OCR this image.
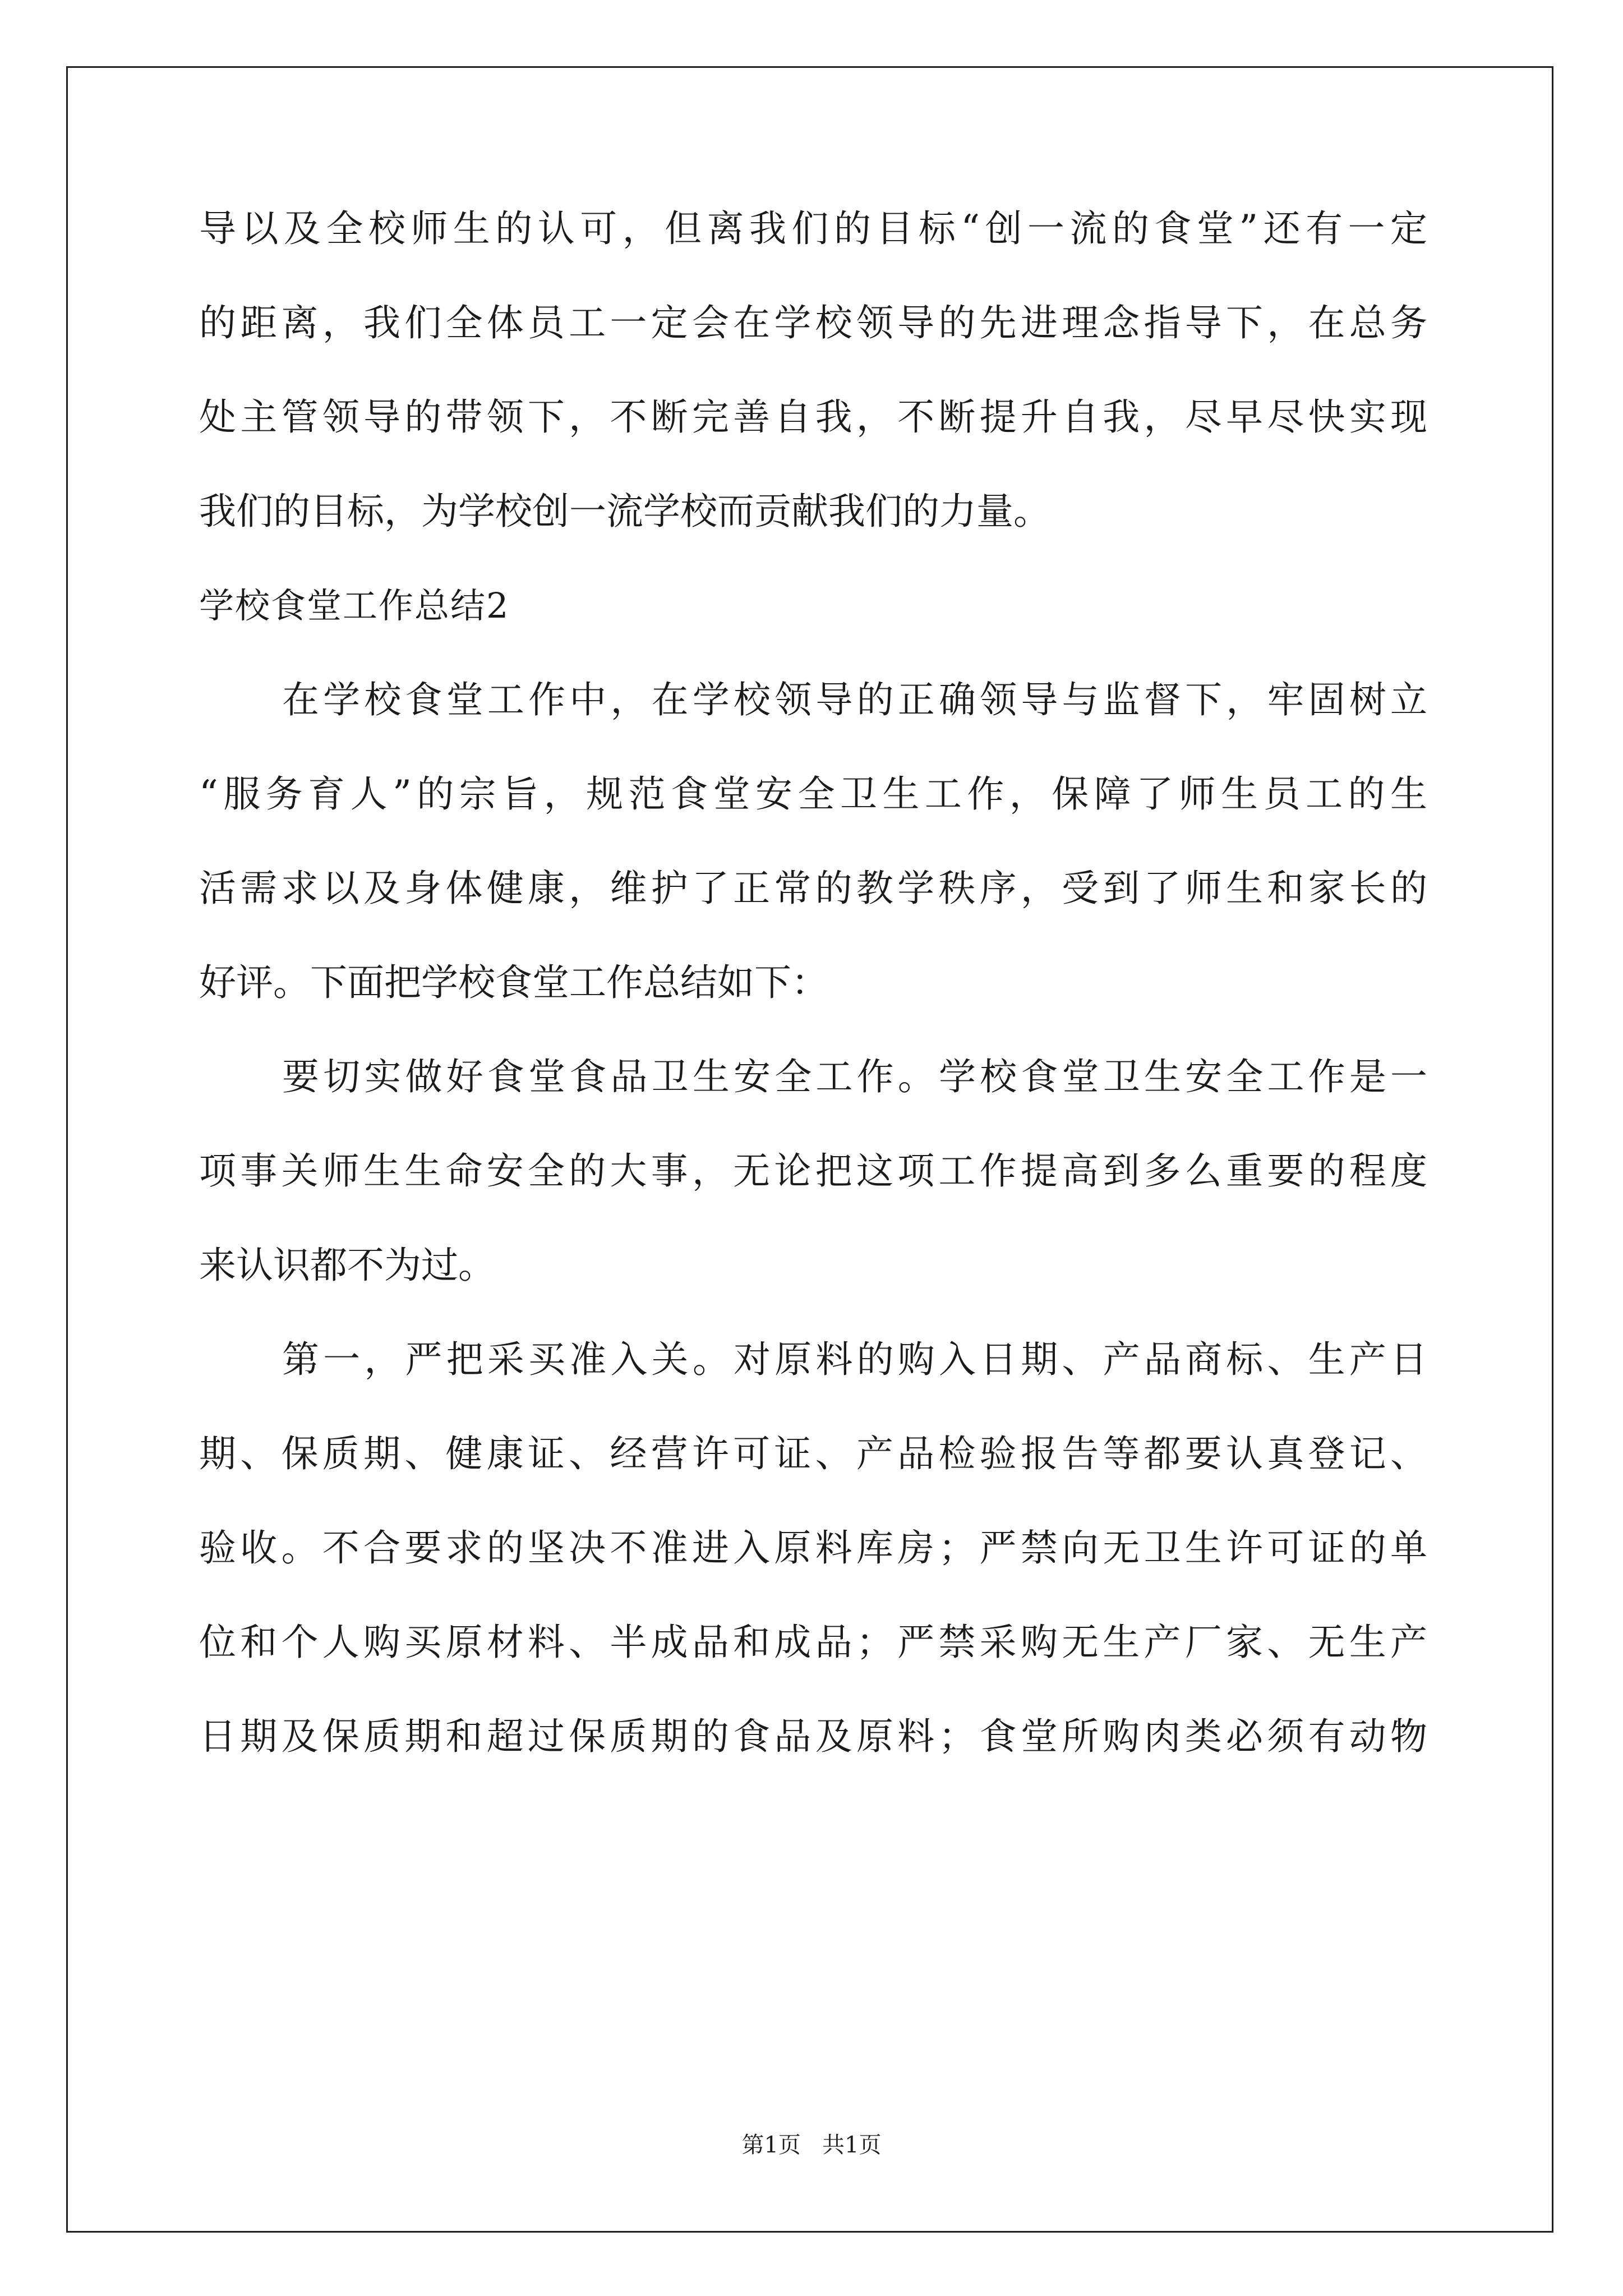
导以及全校师生的认可，但离我们的目标“创一流的食堂”还有一定
的距离，我们全体员工一定会在学校领导的先进理念指导下，在总务
处主管领导的带领下，不断完善自我，不断提升自我，尽早尽快实现
我们的目标，为学校创一流学校而贡献我们的力量。
学校食堂工作总结2
在学校食堂工作中，在学校领导的正确领导与监督下，牢固树立
“服务育人”的宗旨，规范食堂安全卫生工作，保障了师生员工的生
活需求以及身体健康，维护了正常的教学秩序，受到了师生和家长的
好评。下面把学校食堂工作总结如下：
要切实做好食堂食品卫生安全工作。学校食堂卫生安全工作是一
项事关师生生命安全的大事，无论把这项工作提高到多么重要的程度
来认识都不为过。
第一，严把采买准入关。对原料的购入日期、产品商标、生产日
期、保质期、健康证、经营许可证、产品检验报告等都要认真登记、
验收。不合要求的坚决不准进入原料库房；严禁向无卫生许可证的单
位和个人购买原材料、半成品和成品；严禁采购无生产厂家、无生产
日期及保质期和超过保质期的食品及原料；食堂所购肉类必须有动物
第1页   共1页
